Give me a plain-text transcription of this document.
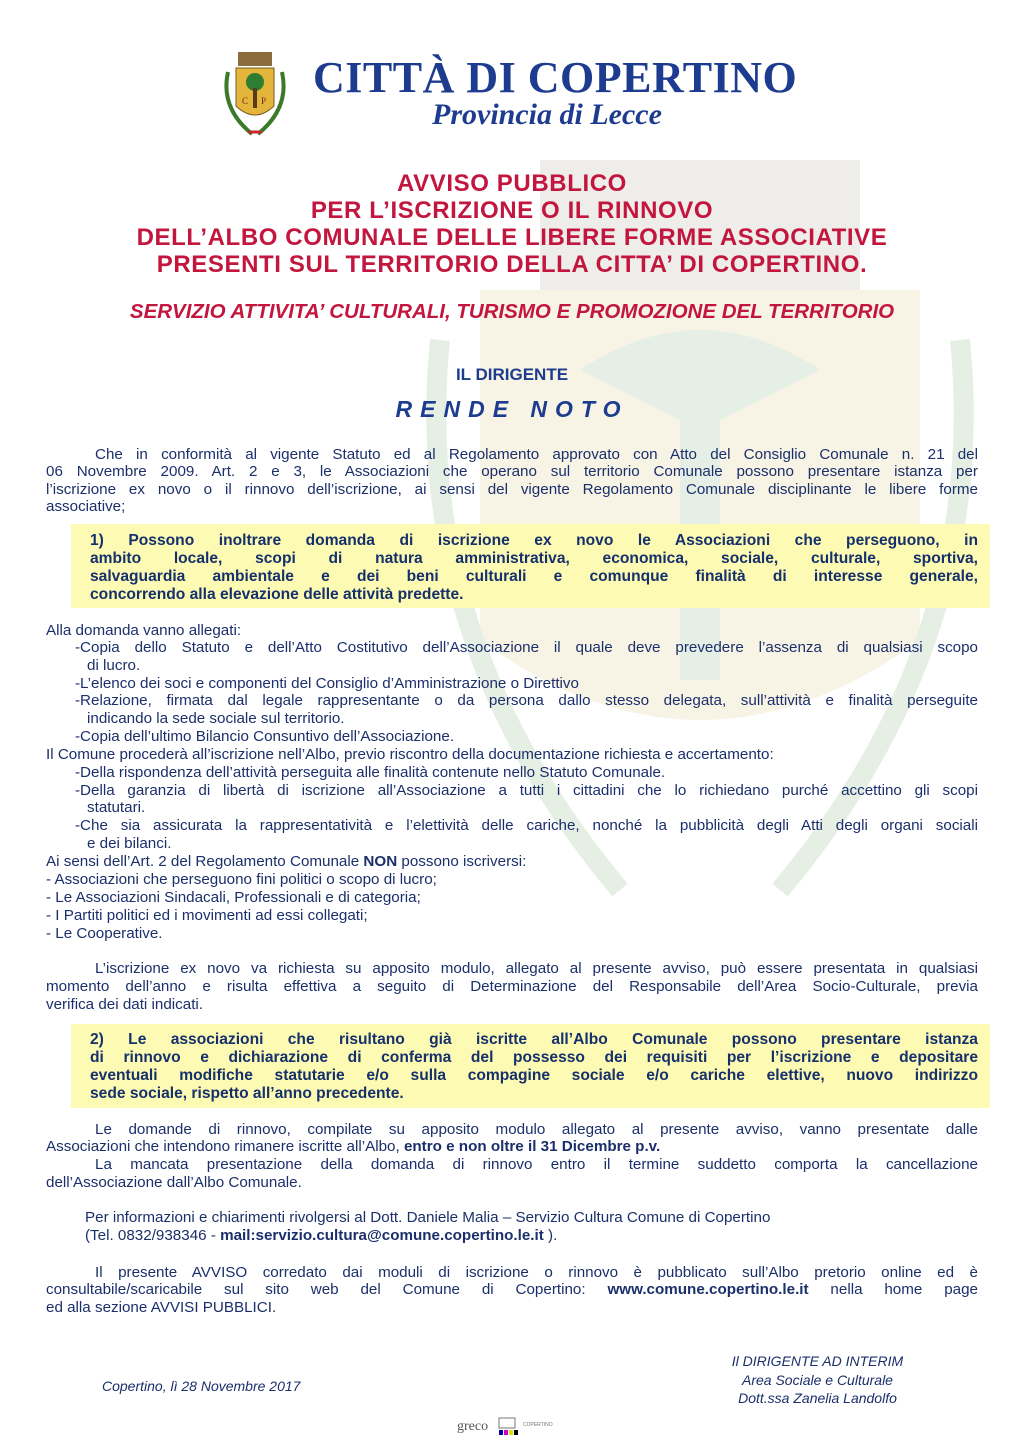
C P CITTÀ DI COPERTINO
Provincia di Lecce
AVVISO PUBBLICO
PER L’ISCRIZIONE O IL RINNOVO
DELL’ALBO COMUNALE DELLE LIBERE FORME ASSOCIATIVE
PRESENTI SUL TERRITORIO DELLA CITTA’ DI COPERTINO.
SERVIZIO ATTIVITA’ CULTURALI, TURISMO E PROMOZIONE DEL TERRITORIO
IL DIRIGENTE
RENDE NOTO
Che in conformità al vigente Statuto ed al Regolamento approvato con Atto del Consiglio Comunale n. 21 del
06 Novembre 2009. Art. 2 e 3, le Associazioni che operano sul territorio Comunale possono presentare istanza per
l’iscrizione ex novo o il rinnovo dell’iscrizione, ai sensi del vigente Regolamento Comunale disciplinante le libere forme
associative;
1) Possono inoltrare domanda di iscrizione ex novo le Associazioni che perseguono, in
ambito locale, scopi di natura amministrativa, economica, sociale, culturale, sportiva,
salvaguardia ambientale e dei beni culturali e comunque finalità di interesse generale,
concorrendo alla elevazione delle attività predette.
Alla domanda vanno allegati:
-Copia dello Statuto e dell’Atto Costitutivo dell’Associazione il quale deve prevedere l’assenza di qualsiasi scopo
di lucro.
-L’elenco dei soci e componenti del Consiglio d’Amministrazione o Direttivo
-Relazione, firmata dal legale rappresentante o da persona dallo stesso delegata, sull’attività e finalità perseguite
indicando la sede sociale sul territorio.
-Copia dell’ultimo Bilancio Consuntivo dell’Associazione.
Il Comune procederà all’iscrizione nell’Albo, previo riscontro della documentazione richiesta e accertamento:
-Della rispondenza dell’attività perseguita alle finalità contenute nello Statuto Comunale.
-Della garanzia di libertà di iscrizione all’Associazione a tutti i cittadini che lo richiedano purché accettino gli scopi
statutari.
-Che sia assicurata la rappresentatività e l’elettività delle cariche, nonché la pubblicità degli Atti degli organi sociali
e dei bilanci.
Ai sensi dell’Art. 2 del Regolamento Comunale NON possono iscriversi:
- Associazioni che perseguono fini politici o scopo di lucro;
- Le Associazioni Sindacali, Professionali e di categoria;
- I Partiti politici ed i movimenti ad essi collegati;
- Le Cooperative.
L’iscrizione ex novo va richiesta su apposito modulo, allegato al presente avviso, può essere presentata in qualsiasi
momento dell’anno e risulta effettiva a seguito di Determinazione del Responsabile dell’Area Socio-Culturale, previa
verifica dei dati indicati.
2) Le associazioni che risultano già iscritte all’Albo Comunale possono presentare istanza
di rinnovo e dichiarazione di conferma del possesso dei requisiti per l’iscrizione e depositare
eventuali modifiche statutarie e/o sulla compagine sociale e/o cariche elettive, nuovo indirizzo
sede sociale, rispetto all’anno precedente.
Le domande di rinnovo, compilate su apposito modulo allegato al presente avviso, vanno presentate dalle
Associazioni che intendono rimanere iscritte all’Albo, entro e non oltre il 31 Dicembre p.v.
La mancata presentazione della domanda di rinnovo entro il termine suddetto comporta la cancellazione
dell’Associazione dall’Albo Comunale.
Per informazioni e chiarimenti rivolgersi al Dott. Daniele Malia – Servizio Cultura Comune di Copertino
(Tel. 0832/938346 - mail:servizio.cultura@comune.copertino.le.it ).
Il presente AVVISO corredato dai moduli di iscrizione o rinnovo è pubblicato sull’Albo pretorio online ed è
consultabile/scaricabile sul sito web del Comune di Copertino: www.comune.copertino.le.it nella home page
ed alla sezione AVVISI PUBBLICI.
Copertino, lì 28 Novembre 2017
Il DIRIGENTE AD INTERIM
Area Sociale e Culturale
Dott.ssa Zanelia Landolfo
greco	COPERTINO
